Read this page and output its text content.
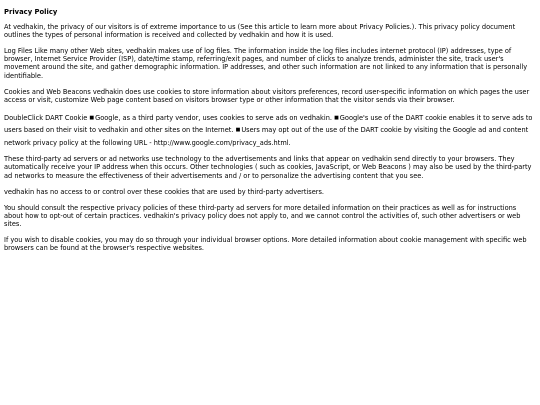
Privacy Policy

At vedhakin, the privacy of our visitors is of extreme importance to us (See this article to learn more about Privacy Policies.). This privacy policy document outlines the types of personal information is received and collected by vedhakin and how it is used.

Log Files Like many other Web sites, vedhakin makes use of log files. The information inside the log files includes internet protocol (IP) addresses, type of browser, Internet Service Provider (ISP), date/time stamp, referring/exit pages, and number of clicks to analyze trends, administer the site, track user's movement around the site, and gather demographic information. IP addresses, and other such information are not linked to any information that is personally identifiable.

Cookies and Web Beacons vedhakin does use cookies to store information about visitors preferences, record user-specific information on which pages the user access or visit, customize Web page content based on visitors browser type or other information that the visitor sends via their browser.

DoubleClick DART Cookie ■Google, as a third party vendor, uses cookies to serve ads on vedhakin. ■Google's use of the DART cookie enables it to serve ads to users based on their visit to vedhakin and other sites on the Internet. ■Users may opt out of the use of the DART cookie by visiting the Google ad and content network privacy policy at the following URL - http://www.google.com/privacy_ads.html.

These third-party ad servers or ad networks use technology to the advertisements and links that appear on vedhakin send directly to your browsers. They automatically receive your IP address when this occurs. Other technologies ( such as cookies, JavaScript, or Web Beacons ) may also be used by the third-party ad networks to measure the effectiveness of their advertisements and / or to personalize the advertising content that you see.

vedhakin has no access to or control over these cookies that are used by third-party advertisers.

You should consult the respective privacy policies of these third-party ad servers for more detailed information on their practices as well as for instructions about how to opt-out of certain practices. vedhakin's privacy policy does not apply to, and we cannot control the activities of, such other advertisers or web sites.

If you wish to disable cookies, you may do so through your individual browser options. More detailed information about cookie management with specific web browsers can be found at the browser's respective websites.
